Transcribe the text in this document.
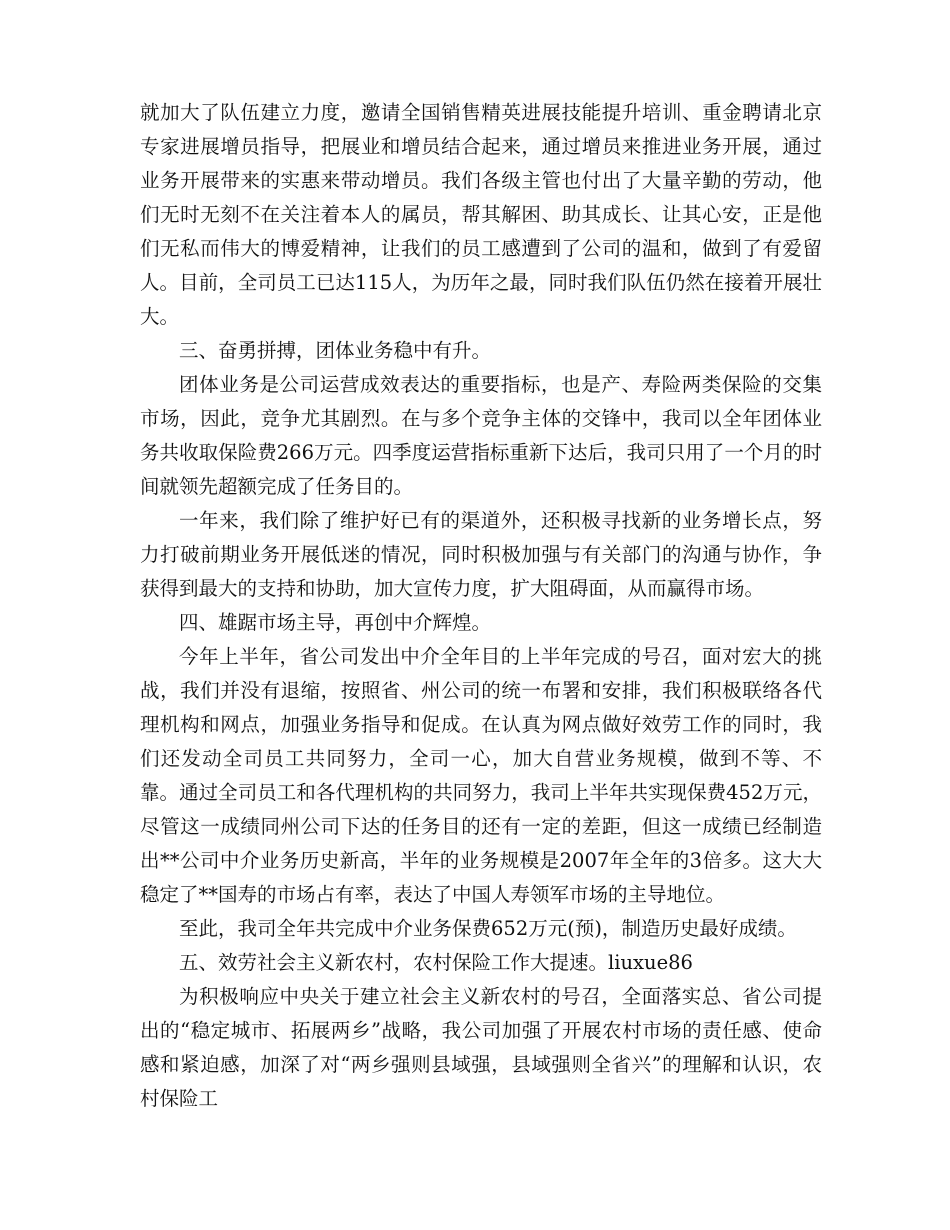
就加大了队伍建立力度，邀请全国销售精英进展技能提升培训、重金聘请北京专家进展增员指导，把展业和增员结合起来，通过增员来推进业务开展，通过业务开展带来的实惠来带动增员。我们各级主管也付出了大量辛勤的劳动，他们无时无刻不在关注着本人的属员，帮其解困、助其成长、让其心安，正是他们无私而伟大的博爱精神，让我们的员工感遭到了公司的温和，做到了有爱留人。目前，全司员工已达115人，为历年之最，同时我们队伍仍然在接着开展壮大。

三、奋勇拼搏，团体业务稳中有升。

团体业务是公司运营成效表达的重要指标，也是产、寿险两类保险的交集市场，因此，竞争尤其剧烈。在与多个竞争主体的交锋中，我司以全年团体业务共收取保险费266万元。四季度运营指标重新下达后，我司只用了一个月的时间就领先超额完成了任务目的。

一年来，我们除了维护好已有的渠道外，还积极寻找新的业务增长点，努力打破前期业务开展低迷的情况，同时积极加强与有关部门的沟通与协作，争获得到最大的支持和协助，加大宣传力度，扩大阻碍面，从而赢得市场。

四、雄踞市场主导，再创中介辉煌。

今年上半年，省公司发出中介全年目的上半年完成的号召，面对宏大的挑战，我们并没有退缩，按照省、州公司的统一布署和安排，我们积极联络各代理机构和网点，加强业务指导和促成。在认真为网点做好效劳工作的同时，我们还发动全司员工共同努力，全司一心，加大自营业务规模，做到不等、不靠。通过全司员工和各代理机构的共同努力，我司上半年共实现保费452万元，尽管这一成绩同州公司下达的任务目的还有一定的差距，但这一成绩已经制造出**公司中介业务历史新高，半年的业务规模是2007年全年的3倍多。这大大稳定了**国寿的市场占有率，表达了中国人寿领军市场的主导地位。

至此，我司全年共完成中介业务保费652万元(预)，制造历史最好成绩。

五、效劳社会主义新农村，农村保险工作大提速。liuxue86

为积极响应中央关于建立社会主义新农村的号召，全面落实总、省公司提出的“稳定城市、拓展两乡”战略，我公司加强了开展农村市场的责任感、使命感和紧迫感，加深了对“两乡强则县域强，县域强则全省兴”的理解和认识，农村保险工
